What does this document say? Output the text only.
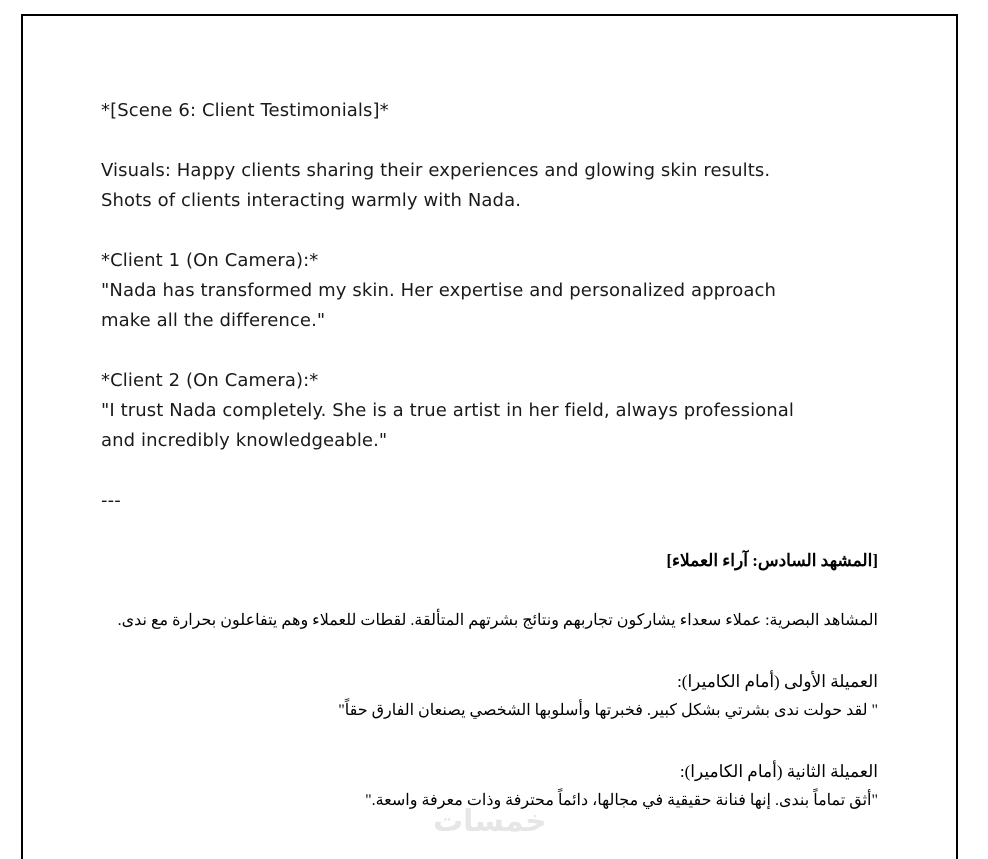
*[Scene 6: Client Testimonials]*
Visuals: Happy clients sharing their experiences and glowing skin results.
Shots of clients interacting warmly with Nada.
*Client 1 (On Camera):*
"Nada has transformed my skin. Her expertise and personalized approach
make all the difference."
*Client 2 (On Camera):*
"I trust Nada completely. She is a true artist in her field, always professional
and incredibly knowledgeable."
---
[المشهد السادس: آراء العملاء]
المشاهد البصرية: عملاء سعداء يشاركون تجاربهم ونتائج بشرتهم المتألقة. لقطات للعملاء وهم يتفاعلون بحرارة مع ندى.
العميلة الأولى (أمام الكاميرا):
" لقد حولت ندى بشرتي بشكل كبير. فخبرتها وأسلوبها الشخصي يصنعان الفارق حقاً"
العميلة الثانية (أمام الكاميرا):
"أثق تماماً بندى. إنها فنانة حقيقية في مجالها، دائماً محترفة وذات معرفة واسعة."
خمسات
